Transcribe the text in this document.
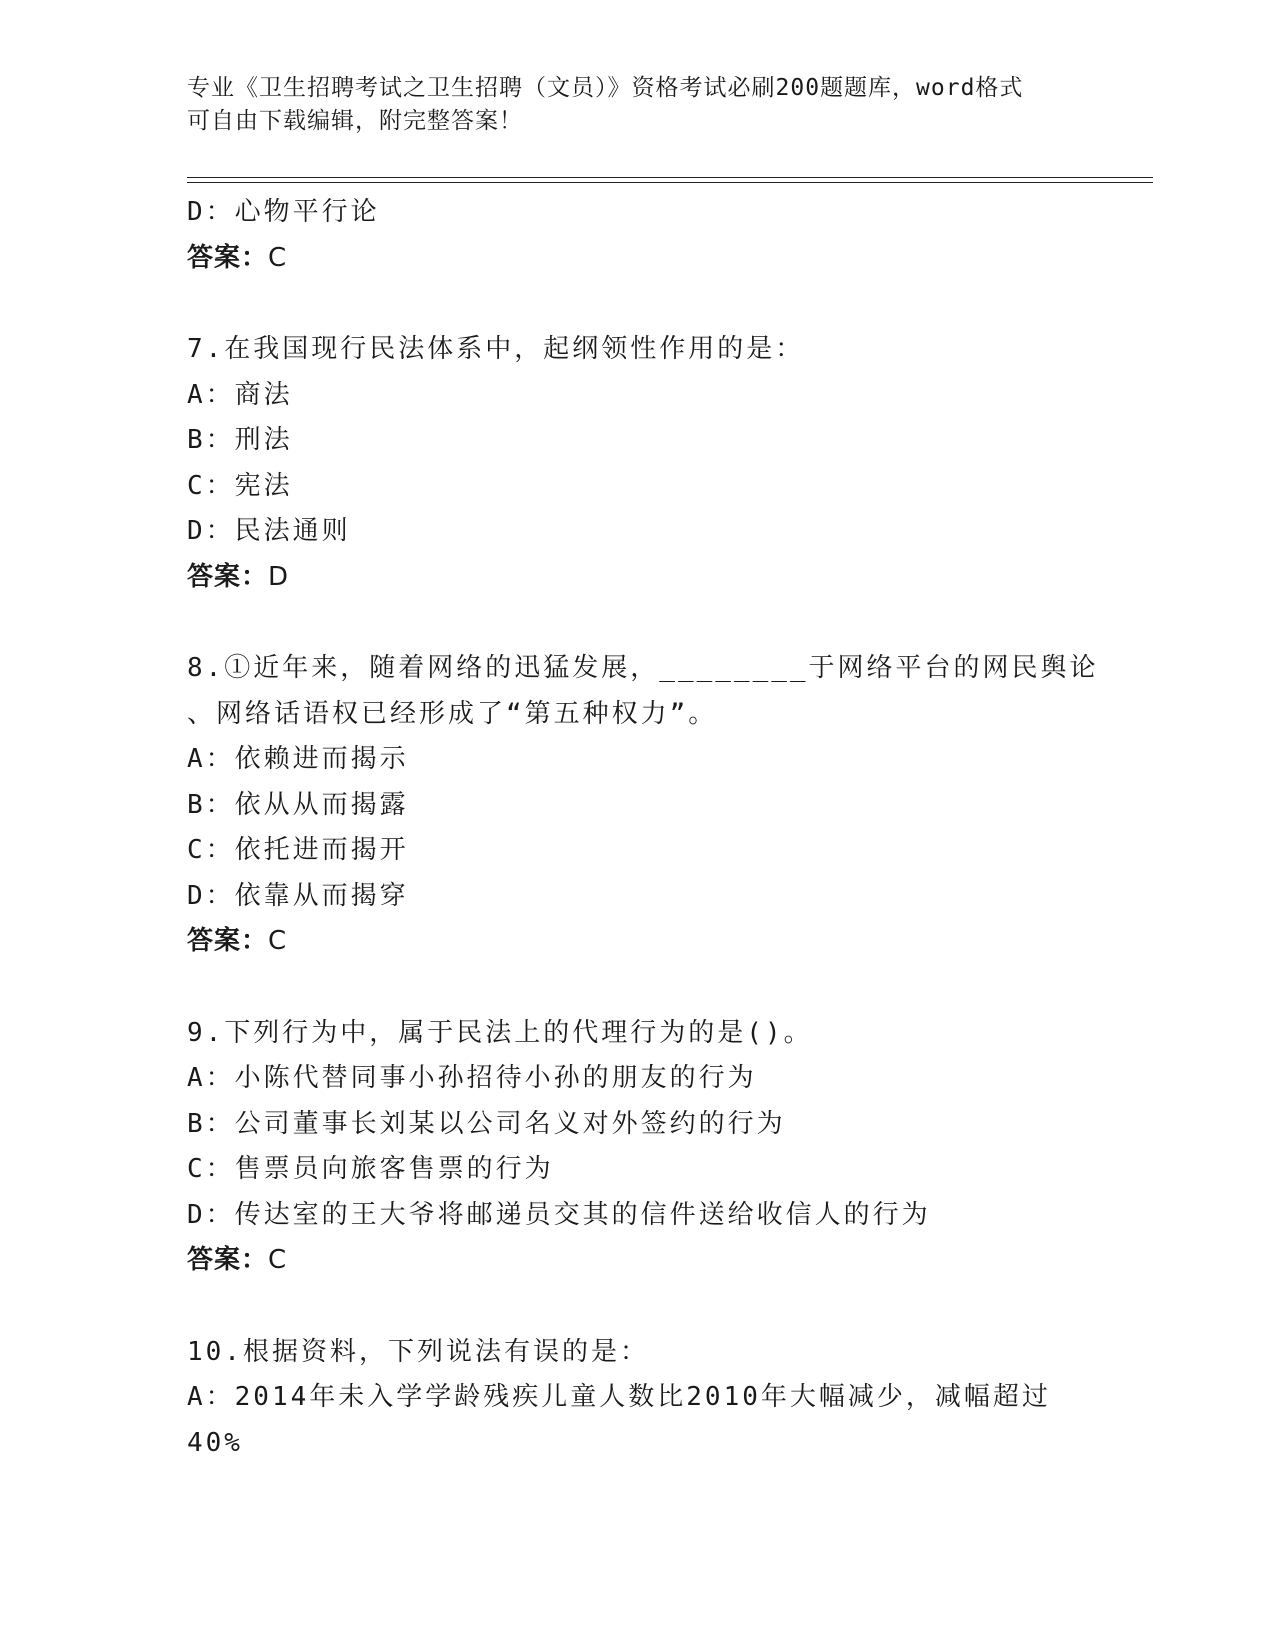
专业《卫生招聘考试之卫生招聘（文员）》资格考试必刷200题题库，word格式
可自由下载编辑，附完整答案！
D：心物平行论
答案：C
7.在我国现行民法体系中，起纲领性作用的是：
A：商法
B：刑法
C：宪法
D：民法通则
答案：D
8.①近年来，随着网络的迅猛发展，________于网络平台的网民舆论
、网络话语权已经形成了“第五种权力”。
A：依赖进而揭示
B：依从从而揭露
C：依托进而揭开
D：依靠从而揭穿
答案：C
9.下列行为中，属于民法上的代理行为的是()。
A：小陈代替同事小孙招待小孙的朋友的行为
B：公司董事长刘某以公司名义对外签约的行为
C：售票员向旅客售票的行为
D：传达室的王大爷将邮递员交其的信件送给收信人的行为
答案：C
10.根据资料，下列说法有误的是：
A：2014年未入学学龄残疾儿童人数比2010年大幅减少，减幅超过
40%
